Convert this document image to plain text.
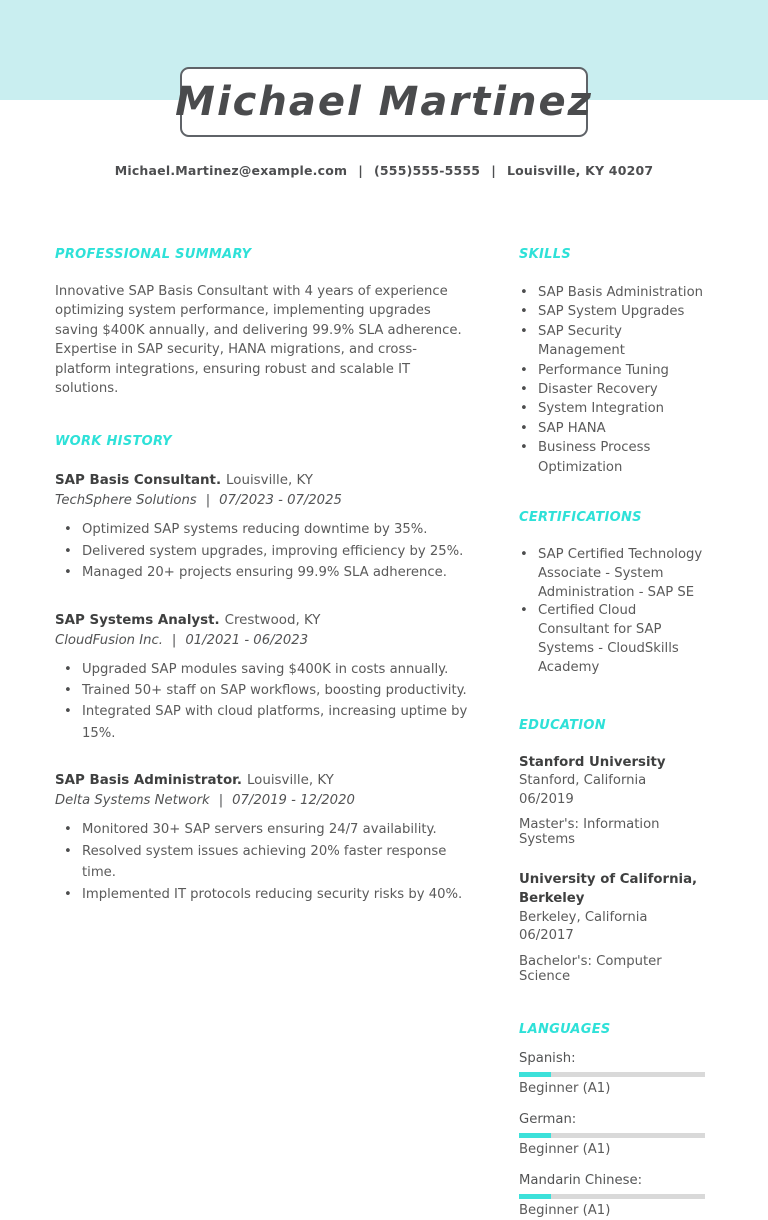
Michael Martinez
Michael.Martinez@example.com | (555)555-5555 | Louisville, KY 40207
PROFESSIONAL SUMMARY

Innovative SAP Basis Consultant with 4 years of experience optimizing system performance, implementing upgrades saving $400K annually, and delivering 99.9% SLA adherence. Expertise in SAP security, HANA migrations, and cross-platform integrations, ensuring robust and scalable IT solutions.

WORK HISTORY
SAP Basis Consultant. Louisville, KY
TechSphere Solutions | 07/2023 - 07/2025
• Optimized SAP systems reducing downtime by 35%.
• Delivered system upgrades, improving efficiency by 25%.
• Managed 20+ projects ensuring 99.9% SLA adherence.
SAP Systems Analyst. Crestwood, KY
CloudFusion Inc. | 01/2021 - 06/2023
• Upgraded SAP modules saving $400K in costs annually.
• Trained 50+ staff on SAP workflows, boosting productivity.
• Integrated SAP with cloud platforms, increasing uptime by 15%.
SAP Basis Administrator. Louisville, KY
Delta Systems Network | 07/2019 - 12/2020
• Monitored 30+ SAP servers ensuring 24/7 availability.
• Resolved system issues achieving 20% faster response time.
• Implemented IT protocols reducing security risks by 40%.
SKILLS
• SAP Basis Administration
• SAP System Upgrades
• SAP Security Management
• Performance Tuning
• Disaster Recovery
• System Integration
• SAP HANA
• Business Process Optimization
CERTIFICATIONS
• SAP Certified Technology Associate - System Administration - SAP SE
• Certified Cloud Consultant for SAP Systems - CloudSkills Academy
EDUCATION
Stanford University
Stanford, California
06/2019
Master's: Information Systems
University of California, Berkeley
Berkeley, California
06/2017
Bachelor's: Computer Science
LANGUAGES
Spanish:
Beginner (A1)
German:
Beginner (A1)
Mandarin Chinese:
Beginner (A1)
